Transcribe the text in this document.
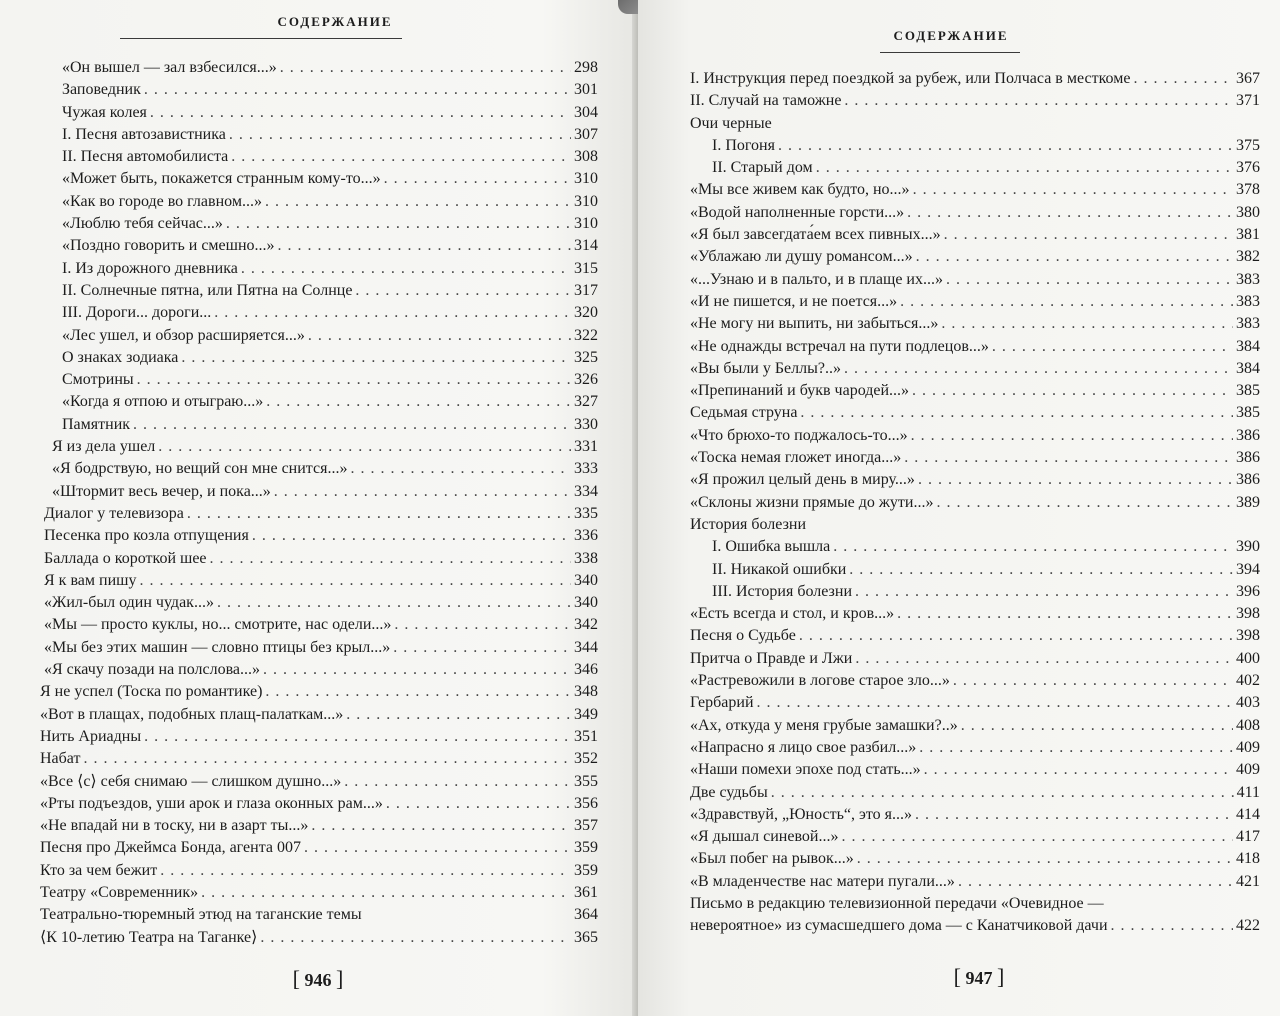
СОДЕРЖАНИЕ
«Он вышел — зал взбесился...» . . .	298
Заповедник . . .	301
Чужая колея . . .	304
I. Песня автозавистника . . .	307
II. Песня автомобилиста . . .	308
«Может быть, покажется странным кому-то...» . . .	310
«Как во городе во главном...» . . .	310
«Люблю тебя сейчас...» . . .	310
«Поздно говорить и смешно...» . . .	314
I. Из дорожного дневника . . .	315
II. Солнечные пятна, или Пятна на Солнце . . .	317
III. Дороги... дороги... . . .	320
«Лес ушел, и обзор расширяется...» . . .	322
О знаках зодиака . . .	325
Смотрины . . .	326
«Когда я отпою и отыграю...» . . .	327
Памятник . . .	330
Я из дела ушел . . .	331
«Я бодрствую, но вещий сон мне снится...» . . .	333
«Штормит весь вечер, и пока...» . . .	334
Диалог у телевизора . . .	335
Песенка про козла отпущения . . .	336
Баллада о короткой шее . . .	338
Я к вам пишу . . .	340
«Жил-был один чудак...» . . .	340
«Мы — просто куклы, но... смотрите, нас одели...» . . .	342
«Мы без этих машин — словно птицы без крыл...» . . .	344
«Я скачу позади на полслова...» . . .	346
Я не успел (Тоска по романтике) . . .	348
«Вот в плащах, подобных плащ-палаткам...» . . .	349
Нить Ариадны . . .	351
Набат . . .	352
«Все ⟨с⟩ себя снимаю — слишком душно...» . . .	355
«Рты подъездов, уши арок и глаза оконных рам...» . . .	356
«Не впадай ни в тоску, ни в азарт ты...» . . .	357
Песня про Джеймса Бонда, агента 007 . . .	359
Кто за чем бежит . . .	359
Театру «Современник» . . .	361
Театрально-тюремный этюд на таганские темы	364
⟨К 10-летию Театра на Таганке⟩ . . .	365
[ 946 ]
СОДЕРЖАНИЕ
I. Инструкция перед поездкой за рубеж, или Полчаса в месткоме . . .	367
II. Случай на таможне . . .	371
Очи черные
I. Погоня . . .	375
II. Старый дом . . .	376
«Мы все живем как будто, но...» . . .	378
«Водой наполненные горсти...» . . .	380
«Я был завсегдата́ем всех пивных...» . . .	381
«Ублажаю ли душу романсом...» . . .	382
«...Узнаю и в пальто, и в плаще их...» . . .	383
«И не пишется, и не поется...» . . .	383
«Не могу ни выпить, ни забыться...» . . .	383
«Не однажды встречал на пути подлецов...» . . .	384
«Вы были у Беллы?..» . . .	384
«Препинаний и букв чародей...» . . .	385
Седьмая струна . . .	385
«Что брюхо-то поджалось-то...» . . .	386
«Тоска немая гложет иногда...» . . .	386
«Я прожил целый день в миру...» . . .	386
«Склоны жизни прямые до жути...» . . .	389
История болезни
I. Ошибка вышла . . .	390
II. Никакой ошибки . . .	394
III. История болезни . . .	396
«Есть всегда и стол, и кров...» . . .	398
Песня о Судьбе . . .	398
Притча о Правде и Лжи . . .	400
«Растревожили в логове старое зло...» . . .	402
Гербарий . . .	403
«Ах, откуда у меня грубые замашки?..» . . .	408
«Напрасно я лицо свое разбил...» . . .	409
«Наши помехи эпохе под стать...» . . .	409
Две судьбы . . .	411
«Здравствуй, „Юность“, это я...» . . .	414
«Я дышал синевой...» . . .	417
«Был побег на рывок...» . . .	418
«В младенчестве нас матери пугали...» . . .	421
Письмо в редакцию телевизионной передачи «Очевидное —
невероятное» из сумасшедшего дома — с Канатчиковой дачи . . .	422
[ 947 ]
